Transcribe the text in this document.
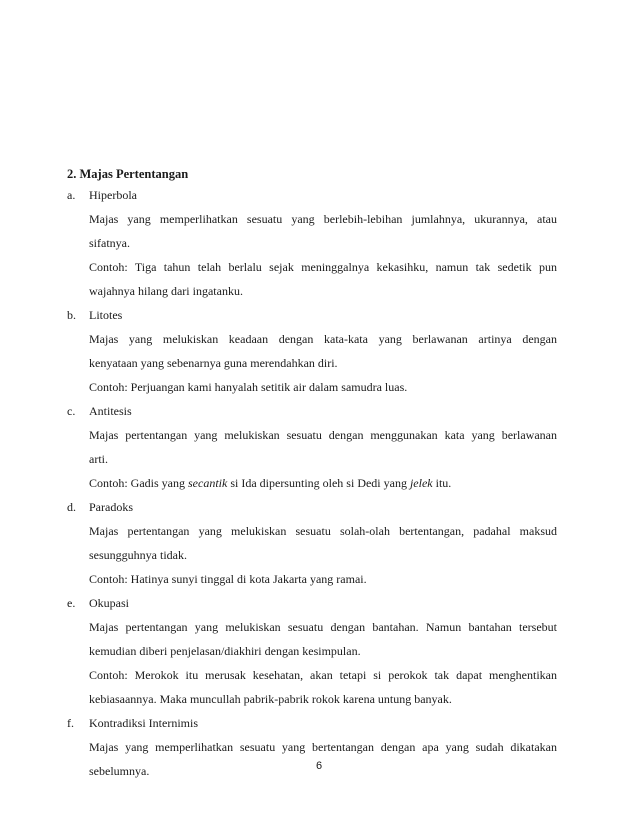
2. Majas Pertentangan
a.	Hiperbola
Majas yang memperlihatkan sesuatu yang berlebih-lebihan jumlahnya, ukurannya, atau
sifatnya.
Contoh: Tiga tahun telah berlalu sejak meninggalnya kekasihku, namun tak sedetik pun
wajahnya hilang dari ingatanku.
b.	Litotes
Majas yang melukiskan keadaan dengan kata-kata yang berlawanan artinya dengan
kenyataan yang sebenarnya guna merendahkan diri.
Contoh: Perjuangan kami hanyalah setitik air dalam samudra luas.
c.	Antitesis
Majas pertentangan yang melukiskan sesuatu dengan menggunakan kata yang berlawanan
arti.
Contoh: Gadis yang secantik si Ida dipersunting oleh si Dedi yang jelek itu.
d.	Paradoks
Majas pertentangan yang melukiskan sesuatu solah-olah bertentangan, padahal maksud
sesungguhnya tidak.
Contoh: Hatinya sunyi tinggal di kota Jakarta yang ramai.
e.	Okupasi
Majas pertentangan yang melukiskan sesuatu dengan bantahan. Namun bantahan tersebut
kemudian diberi penjelasan/diakhiri dengan kesimpulan.
Contoh: Merokok itu merusak kesehatan, akan tetapi si perokok tak dapat menghentikan
kebiasaannya. Maka muncullah pabrik-pabrik rokok karena untung banyak.
f.	Kontradiksi Internimis
Majas yang memperlihatkan sesuatu yang bertentangan dengan apa yang sudah dikatakan
sebelumnya.	6
